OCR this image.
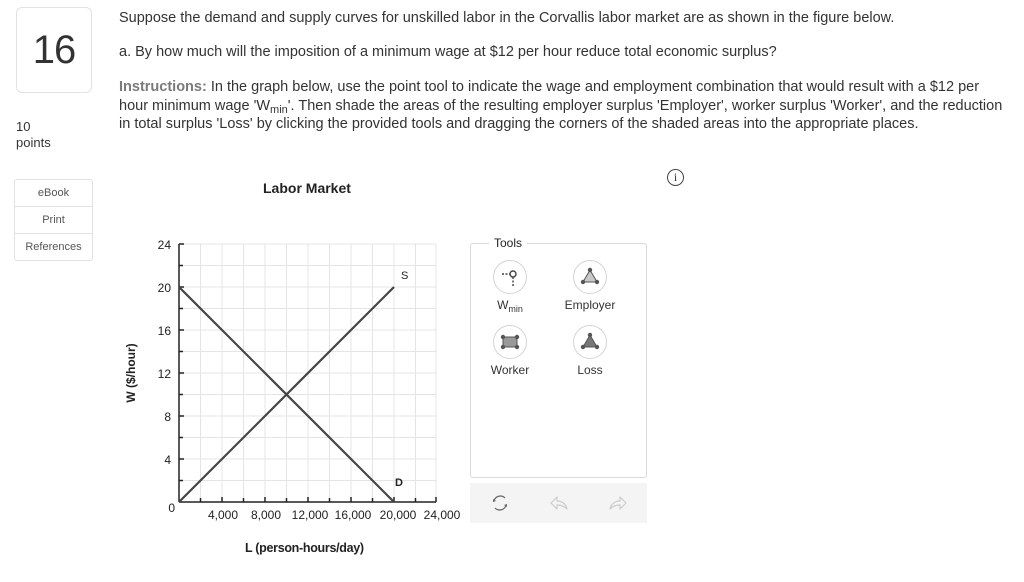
16
10
points
eBook
Print
References
Suppose the demand and supply curves for unskilled labor in the Corvallis labor market are as shown in the figure below.
a. By how much will the imposition of a minimum wage at $12 per hour reduce total economic surplus?
Instructions: In the graph below, use the point tool to indicate the wage and employment combination that would result with a $12 per hour minimum wage '$W_{min}$'. Then shade the areas of the resulting employer surplus 'Employer', worker surplus 'Worker', and the reduction in total surplus 'Loss' by clicking the provided tools and dragging the corners of the shaded areas into the appropriate places.
i
Labor Market
S
D
24
20
16
12
8
4
0	4,000 8,000 12,000 16,000 20,000 24,000
W ($/hour)
L (person-hours/day)
Tools
$W_{min}$	Employer
Worker	Loss
